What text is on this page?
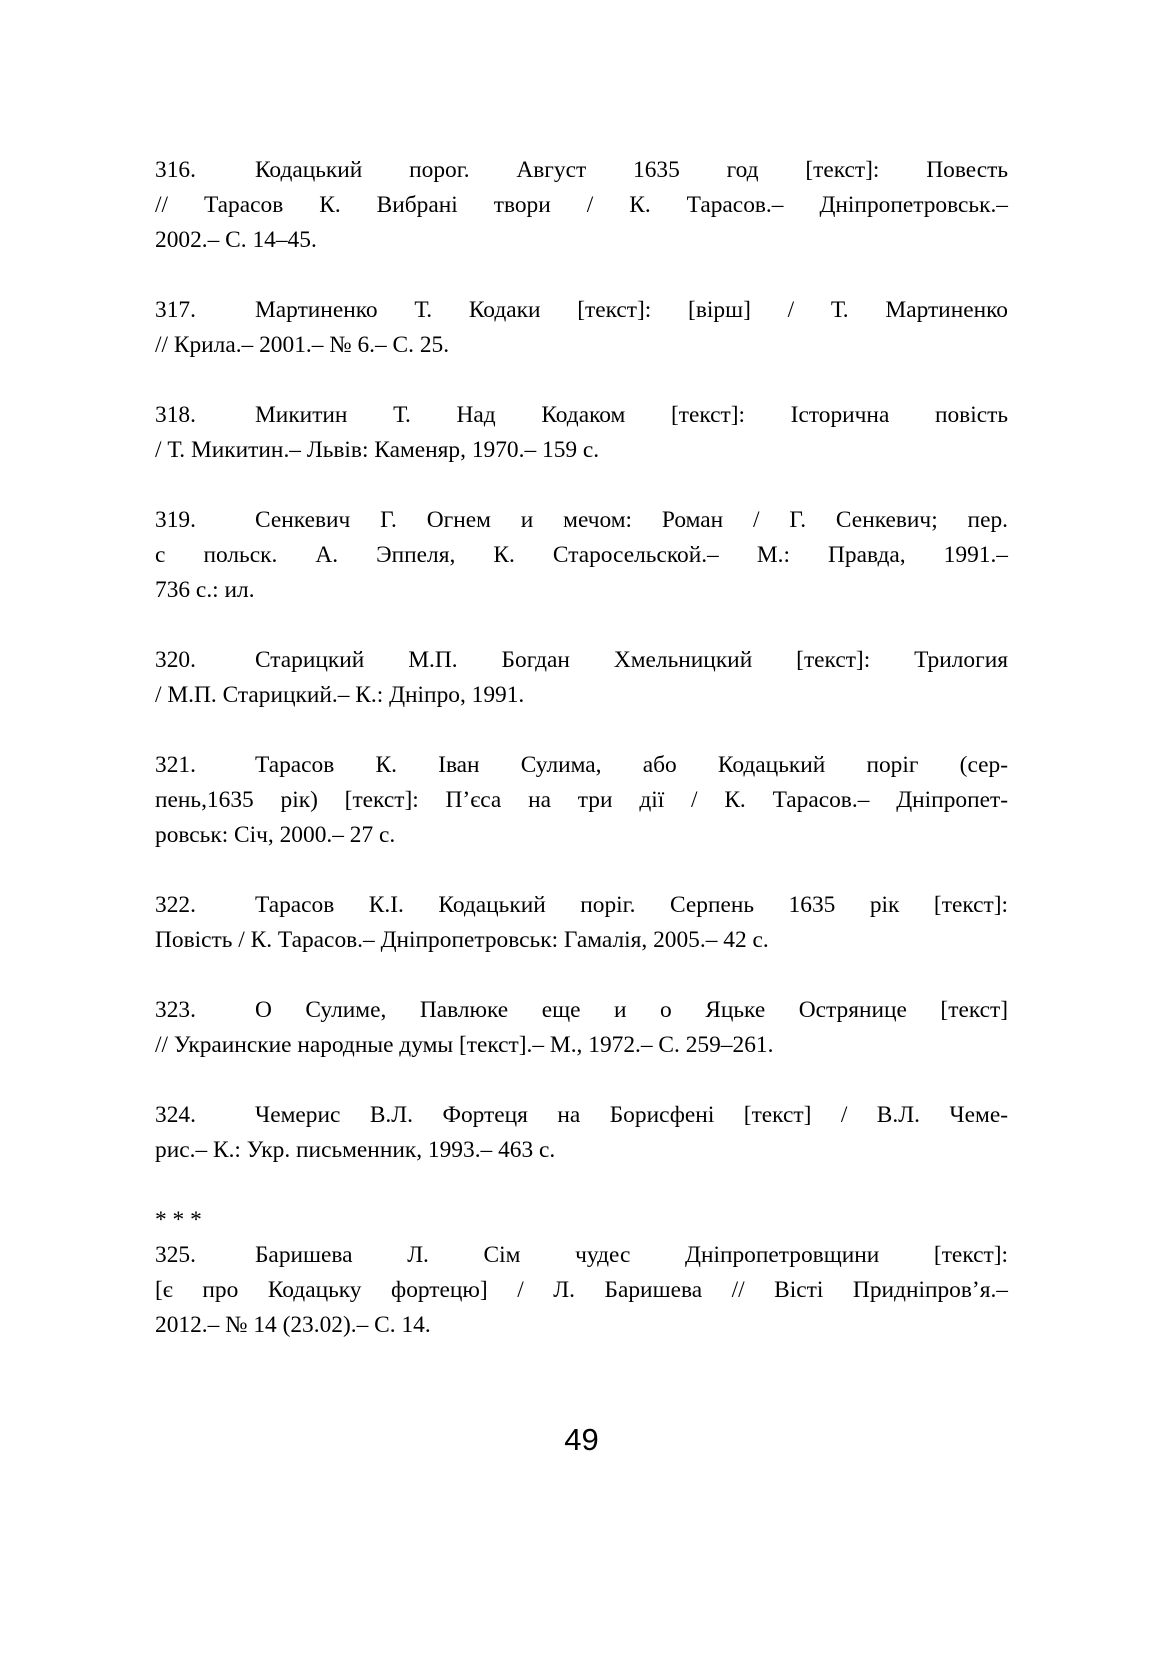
316.	Кодацький порог. Август 1635 год [текст]: Повесть
// Тарасов К. Вибрані твори / К. Тарасов.– Дніпропетровськ.–
2002.– С. 14–45.

317.	Мартиненко Т. Кодаки [текст]: [вірш] / Т. Мартиненко
// Крила.– 2001.– № 6.– С. 25.

318.	Микитин Т. Над Кодаком [текст]: Історична повість
/ Т. Микитин.– Львів: Каменяр, 1970.– 159 с.

319.	Сенкевич Г. Огнем и мечом: Роман / Г. Сенкевич; пер.
с польск. А. Эппеля, К. Старосельской.– М.: Правда, 1991.–
736 с.: ил.

320.	Старицкий М.П. Богдан Хмельницкий [текст]: Трилогия
/ М.П. Старицкий.– К.: Дніпро, 1991.

321.	Тарасов К. Іван Сулима, або Кодацький поріг (сер-
пень,1635 рік) [текст]: П’єса на три дії / К. Тарасов.– Дніпропет-
ровськ: Січ, 2000.– 27 с.

322.	Тарасов К.І. Кодацький поріг. Серпень 1635 рік [текст]:
Повість / К. Тарасов.– Дніпропетровськ: Гамалія, 2005.– 42 с.

323.	О Сулиме, Павлюке еще и о Яцьке Острянице [текст]
// Украинские народные думы [текст].– М., 1972.– С. 259–261.

324.	Чемерис В.Л. Фортеця на Борисфені [текст] / В.Л. Чеме-
рис.– К.: Укр. письменник, 1993.– 463 с.

* * *

325.	Баришева Л. Сім чудес Дніпропетровщини [текст]:
[є про Кодацьку фортецю] / Л. Баришева // Вісті Придніпров’я.–
2012.– № 14 (23.02).– С. 14.

49
